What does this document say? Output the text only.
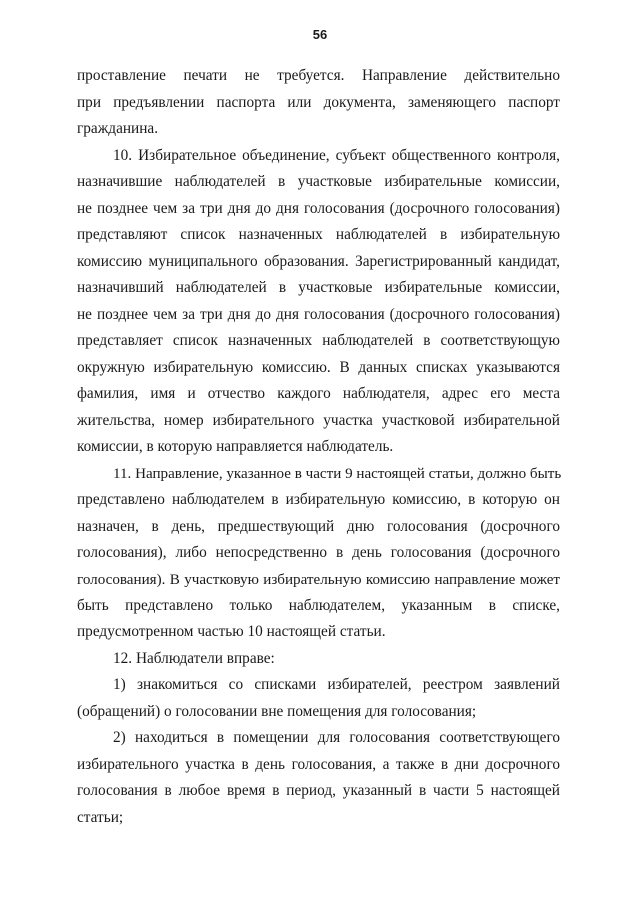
56
проставление печати не требуется. Направление действительно
при предъявлении паспорта или документа, заменяющего паспорт
гражданина.
10. Избирательное объединение, субъект общественного контроля,
назначившие наблюдателей в участковые избирательные комиссии,
не позднее чем за три дня до дня голосования (досрочного голосования)
представляют список назначенных наблюдателей в избирательную
комиссию муниципального образования. Зарегистрированный кандидат,
назначивший наблюдателей в участковые избирательные комиссии,
не позднее чем за три дня до дня голосования (досрочного голосования)
представляет список назначенных наблюдателей в соответствующую
окружную избирательную комиссию. В данных списках указываются
фамилия, имя и отчество каждого наблюдателя, адрес его места
жительства, номер избирательного участка участковой избирательной
комиссии, в которую направляется наблюдатель.
11. Направление, указанное в части 9 настоящей статьи, должно быть
представлено наблюдателем в избирательную комиссию, в которую он
назначен, в день, предшествующий дню голосования (досрочного
голосования), либо непосредственно в день голосования (досрочного
голосования). В участковую избирательную комиссию направление может
быть представлено только наблюдателем, указанным в списке,
предусмотренном частью 10 настоящей статьи.
12. Наблюдатели вправе:
1) знакомиться со списками избирателей, реестром заявлений
(обращений) о голосовании вне помещения для голосования;
2) находиться в помещении для голосования соответствующего
избирательного участка в день голосования, а также в дни досрочного
голосования в любое время в период, указанный в части 5 настоящей
статьи;
